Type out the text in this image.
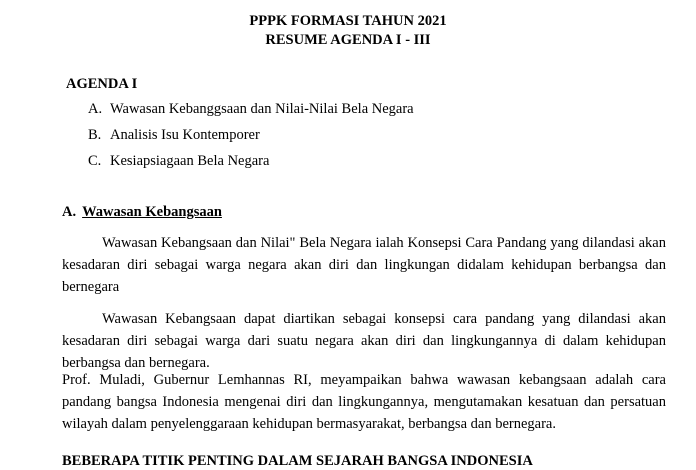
PPPK FORMASI TAHUN 2021
RESUME AGENDA I - III
AGENDA I
A. Wawasan Kebanggsaan dan Nilai-Nilai Bela Negara
B. Analisis Isu Kontemporer
C. Kesiapsiagaan Bela Negara
A. Wawasan Kebangsaan

Wawasan Kebangsaan dan Nilai" Bela Negara ialah Konsepsi Cara Pandang yang dilandasi akan kesadaran diri sebagai warga negara akan diri dan lingkungan didalam kehidupan berbangsa dan bernegara

Wawasan Kebangsaan dapat diartikan sebagai konsepsi cara pandang yang dilandasi akan kesadaran diri sebagai warga dari suatu negara akan diri dan lingkungannya di dalam kehidupan berbangsa dan bernegara.

Prof. Muladi, Gubernur Lemhannas RI, meyampaikan bahwa wawasan kebangsaan adalah cara pandang bangsa Indonesia mengenai diri dan lingkungannya, mengutamakan kesatuan dan persatuan wilayah dalam penyelenggaraan kehidupan bermasyarakat, berbangsa dan bernegara.

BEBERAPA TITIK PENTING DALAM SEJARAH BANGSA INDONESIA
